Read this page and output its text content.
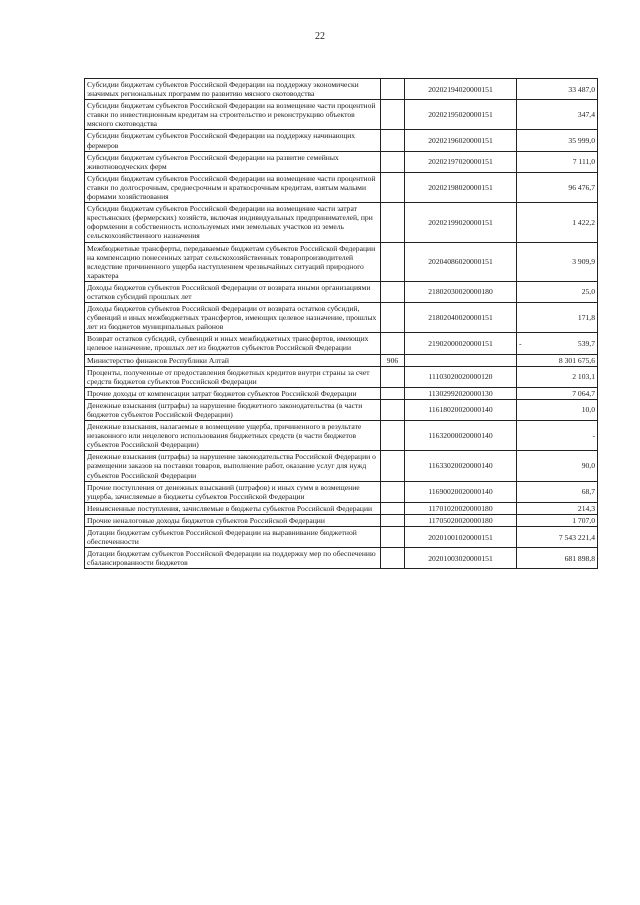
22
Субсидии бюджетам субъектов Российской Федерации на поддержку экономически значимых региональных программ по развитию мясного скотоводства		20202194020000151	33 487,0
Субсидии бюджетам субъектов Российской Федерации на возмещение части процентной ставки по инвестиционным кредитам на строительство и реконструкцию объектов мясного скотоводства		20202195020000151	347,4
Субсидии бюджетам субъектов Российской Федерации на поддержку начинающих фермеров		20202196020000151	35 999,0
Субсидии бюджетам субъектов Российской Федерации на развитие семейных животноводческих ферм		20202197020000151	7 111,0
Субсидии бюджетам субъектов Российской Федерации на возмещение части процентной ставки по долгосрочным, среднесрочным и краткосрочным кредитам, взятым малыми формами хозяйствования		20202198020000151	96 476,7
Субсидии бюджетам субъектов Российской Федерации на возмещение части затрат крестьянских (фермерских) хозяйств, включая индивидуальных предпринимателей, при оформлении в собственность используемых ими земельных участков из земель сельскохозяйственного назначения		20202199020000151	1 422,2
Межбюджетные трансферты, передаваемые бюджетам субъектов Российской Федерации на компенсацию понесенных затрат сельскохозяйственных товаропроизводителей вследствие причиненного ущерба наступлением чрезвычайных ситуаций природного характера		20204086020000151	3 909,9
Доходы бюджетов субъектов Российской Федерации от возврата иными организациями остатков субсидий прошлых лет		21802030020000180	25,0
Доходы бюджетов субъектов Российской Федерации от возврата остатков субсидий, субвенций и иных межбюджетных трансфертов, имеющих целевое назначение, прошлых лет из бюджетов муниципальных районов		21802040020000151	171,8
Возврат остатков субсидий, субвенций и иных межбюджетных трансфертов, имеющих целевое назначение, прошлых лет из бюджетов субъектов Российской Федерации		21902000020000151	- 539,7
Министерство финансов Республики Алтай	906		8 301 675,6
Проценты, полученные от предоставления бюджетных кредитов внутри страны за счет средств бюджетов субъектов Российской Федерации		11103020020000120	2 103,1
Прочие доходы от компенсации затрат бюджетов субъектов Российской Федерации		11302992020000130	7 064,7
Денежные взыскания (штрафы) за нарушение бюджетного законодательства (в части бюджетов субъектов Российской Федерации)		11618020020000140	10,0
Денежные взыскания, налагаемые в возмещение ущерба, причиненного в результате незаконного или нецелевого использования бюджетных средств (в части бюджетов субъектов Российской Федерации)		11632000020000140	-
Денежные взыскания (штрафы) за нарушение законодательства Российской Федерации о размещении заказов на поставки товаров, выполнение работ, оказание услуг для нужд субъектов Российской Федерации		11633020020000140	90,0
Прочие поступления от денежных взысканий (штрафов) и иных сумм в возмещение ущерба, зачисляемые в бюджеты субъектов Российской Федерации		11690020020000140	68,7
Невыясненные поступления, зачисляемые в бюджеты субъектов Российской Федерации		11701020020000180	214,3
Прочие неналоговые доходы бюджетов субъектов Российской Федерации		11705020020000180	1 707,0
Дотации бюджетам субъектов Российской Федерации на выравнивание бюджетной обеспеченности		20201001020000151	7 543 221,4
Дотации бюджетам субъектов Российской Федерации на поддержку мер по обеспечению сбалансированности бюджетов		20201003020000151	681 898,8
